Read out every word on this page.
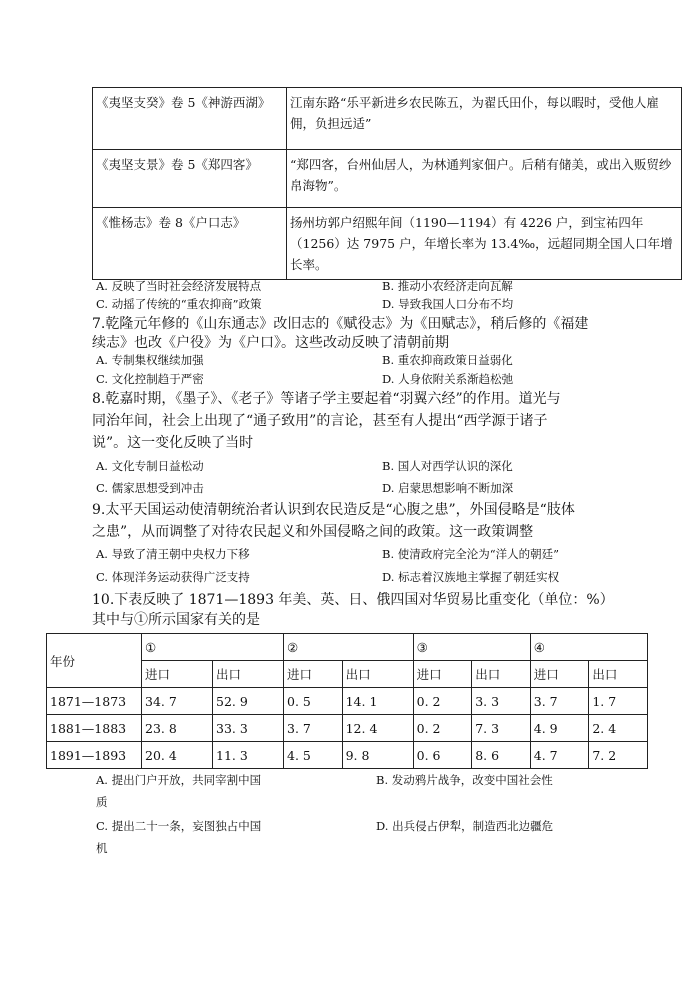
《夷坚支癸》卷 5《神游西湖》	江南东路“乐平新进乡农民陈五，为翟氏田仆，每以暇时，受他人雇佣，负担远适”
《夷坚支景》卷 5《郑四客》	“郑四客，台州仙居人，为林通判家佃户。后稍有储美，或出入贩贸纱帛海物”。
《惟杨志》卷 8《户口志》	扬州坊郭户绍熙年间（1190—1194）有 4226 户，到宝祐四年（1256）达 7975 户，年增长率为 13.4‰，远超同期全国人口年增长率。
A. 反映了当时社会经济发展特点	B. 推动小农经济走向瓦解
C. 动摇了传统的“重农抑商”政策	D. 导致我国人口分布不均
7.乾隆元年修的《山东通志》改旧志的《赋役志》为《田赋志》，稍后修的《福建
续志》也改《户役》为《户口》。这些改动反映了清朝前期
A. 专制集权继续加强	B. 重农抑商政策日益弱化
C. 文化控制趋于严密	D. 人身依附关系渐趋松弛
8.乾嘉时期，《墨子》、《老子》等诸子学主要起着“羽翼六经”的作用。道光与
同治年间，社会上出现了“通子致用”的言论，甚至有人提出“西学源于诸子
说”。这一变化反映了当时
A. 文化专制日益松动	B. 国人对西学认识的深化
C. 儒家思想受到冲击	D. 启蒙思想影响不断加深
9.太平天国运动使清朝统治者认识到农民造反是“心腹之患”，外国侵略是“肢体
之患”，从而调整了对待农民起义和外国侵略之间的政策。这一政策调整
A. 导致了清王朝中央权力下移	B. 使清政府完全沦为“洋人的朝廷”
C. 体现洋务运动获得广泛支持	D. 标志着汉族地主掌握了朝廷实权
10.下表反映了 1871—1893 年美、英、日、俄四国对华贸易比重变化（单位：%）
其中与①所示国家有关的是
年份	①		②		③		④	
	进口	出口	进口	出口	进口	出口	进口	出口
1871—1873	34. 7	52. 9	0. 5	14. 1	0. 2	3. 3	3. 7	1. 7
1881—1883	23. 8	33. 3	3. 7	12. 4	0. 2	7. 3	4. 9	2. 4
1891—1893	20. 4	11. 3	4. 5	9. 8	0. 6	8. 6	4. 7	7. 2
A. 提出门户开放，共同宰割中国	B. 发动鸦片战争，改变中国社会性
质
C. 提出二十一条，妄图独占中国	D. 出兵侵占伊犁，制造西北边疆危
机
